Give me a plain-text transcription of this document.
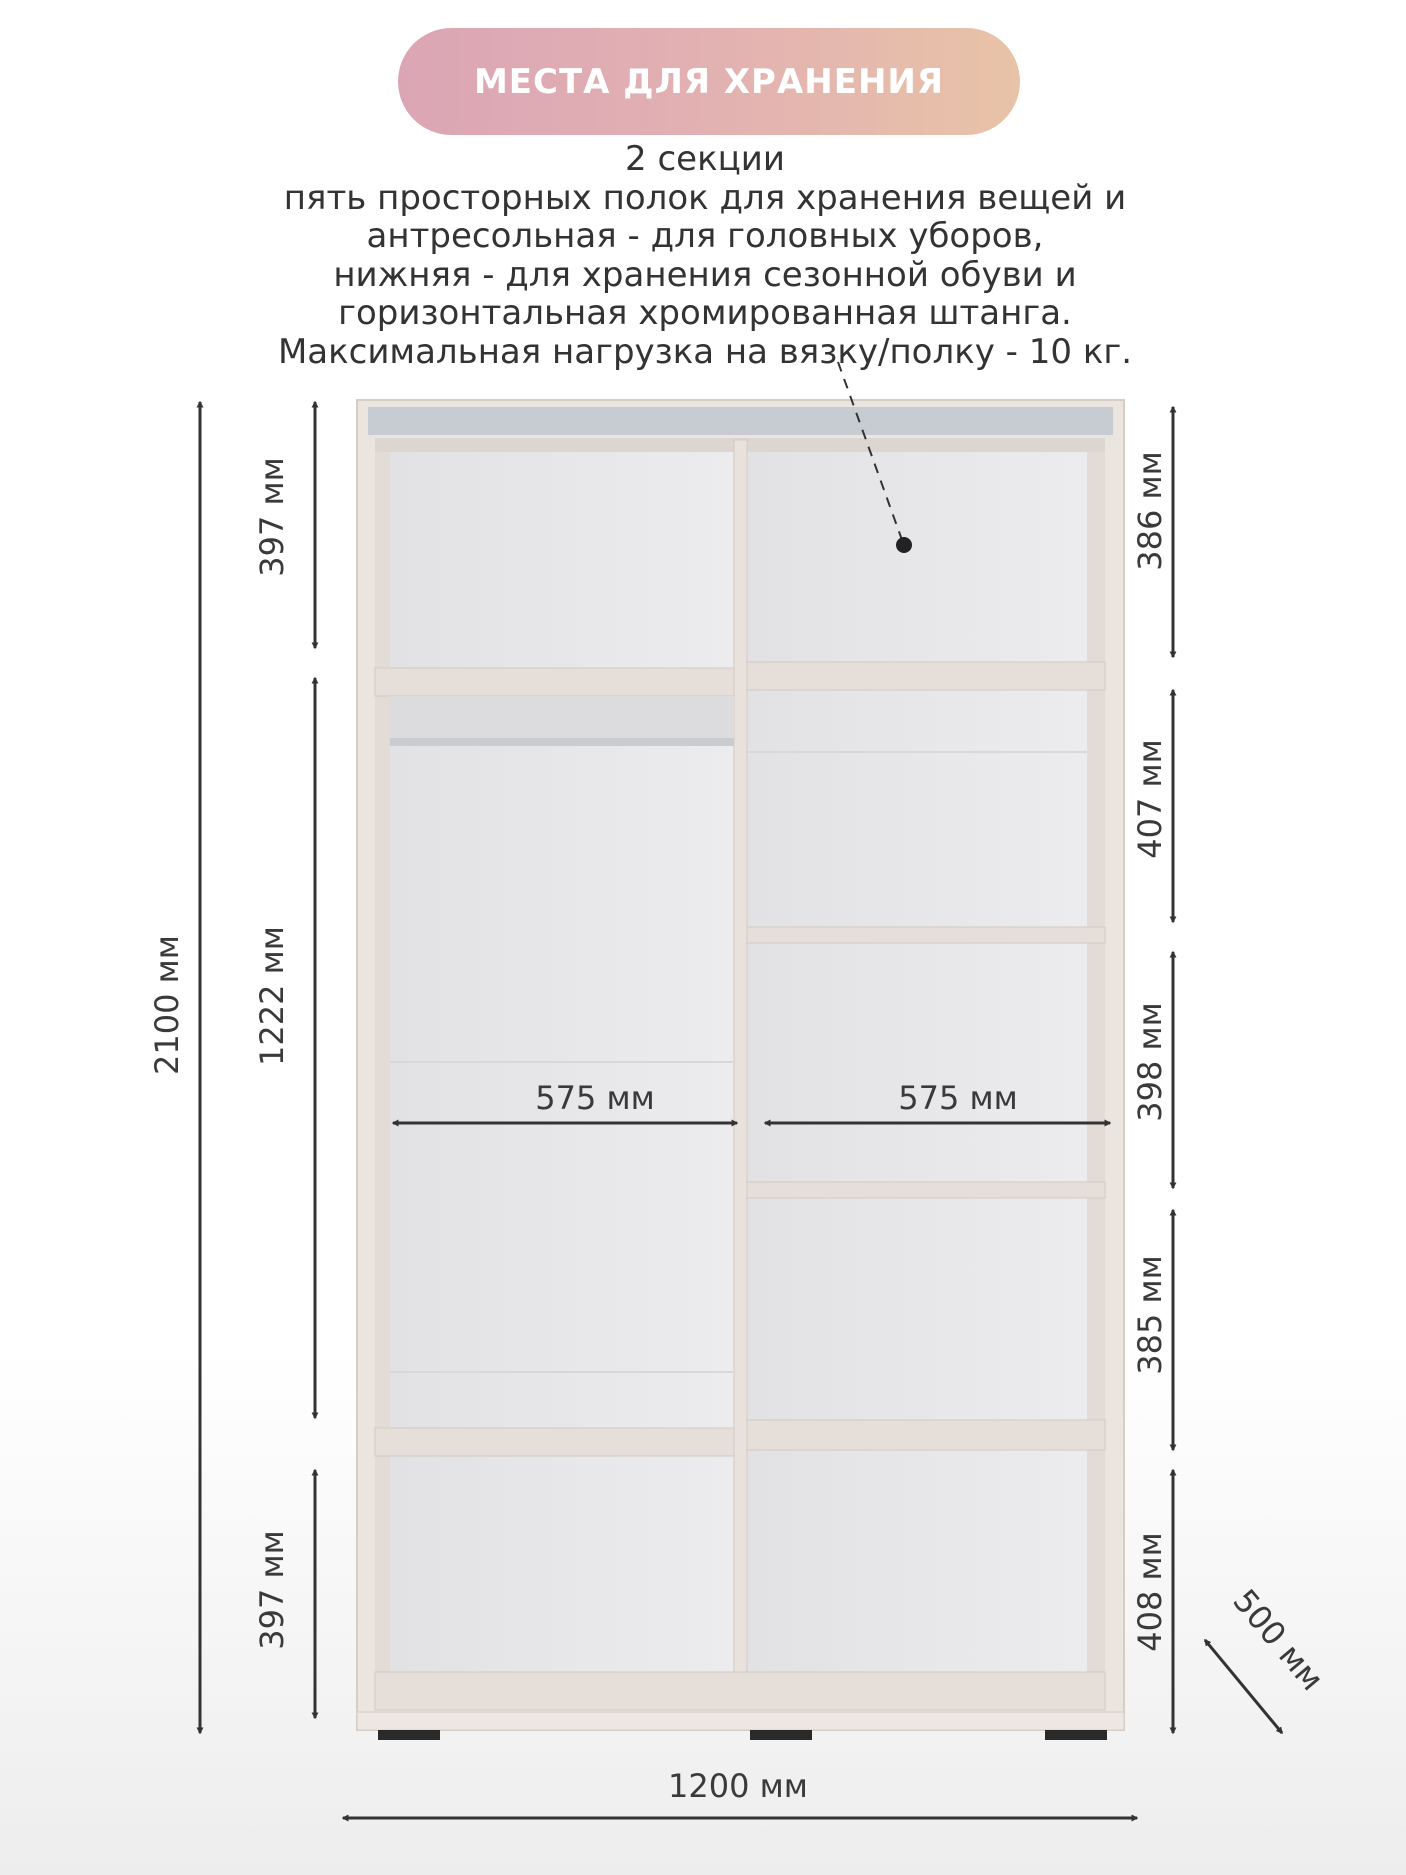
МЕСТА ДЛЯ ХРАНЕНИЯ
2 секции
пять просторных полок для хранения вещей и
антресольная - для головных уборов,
нижняя - для хранения сезонной обуви и
горизонтальная хромированная штанга.
Максимальная нагрузка на вязку/полку - 10 кг.
2100 мм
397 мм
1222 мм
397 мм
386 мм
407 мм
398 мм
385 мм
408 мм
575 мм	575 мм
1200 мм
500 мм
